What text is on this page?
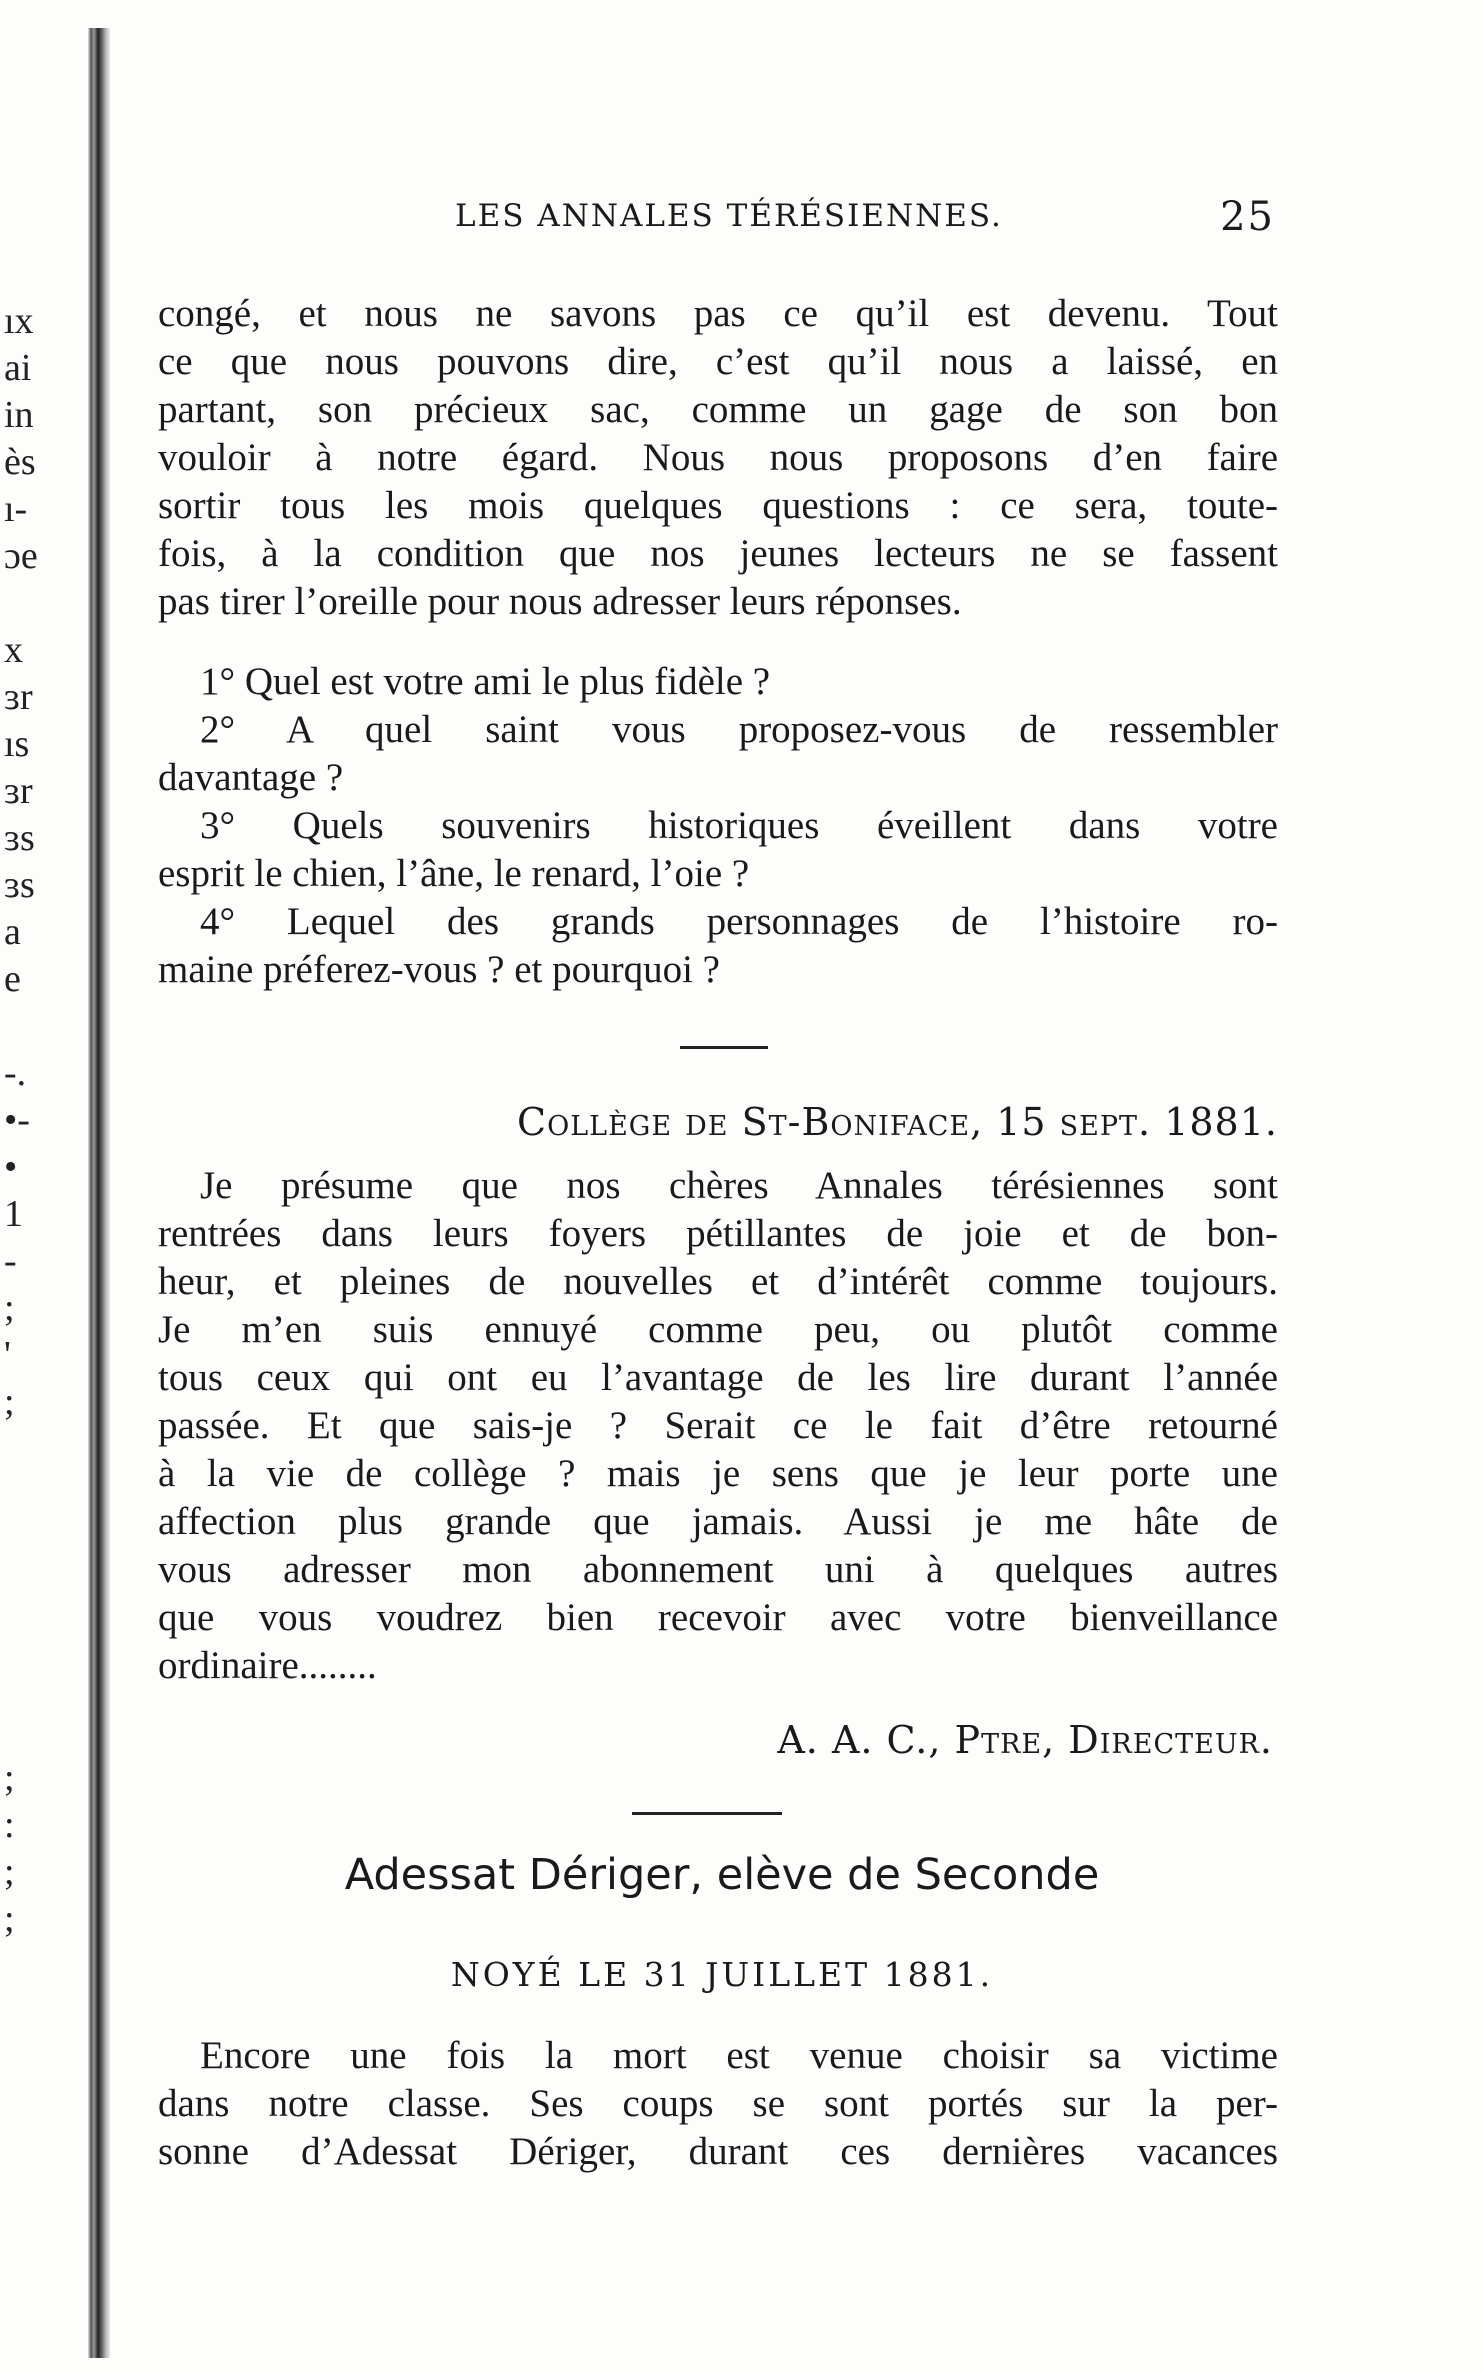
ıx
ai
in
ès
ı-
ɔe
x
ɜr
ıs
ɜr
ɜs
ɜs
a
e
-.
•-
•
1
-
;
'
;
;
:
;
;
LES ANNALES TÉRÉSIENNES.	25
congé, et nous ne savons pas ce qu’il est devenu. Tout
ce que nous pouvons dire, c’est qu’il nous a laissé, en
partant, son précieux sac, comme un gage de son bon
vouloir à notre égard. Nous nous proposons d’en faire
sortir tous les mois quelques questions : ce sera, toute-
fois, à la condition que nos jeunes lecteurs ne se fassent
pas tirer l’oreille pour nous adresser leurs réponses.
1° Quel est votre ami le plus fidèle ?
2° A quel saint vous proposez-vous de ressembler
davantage ?
3° Quels souvenirs historiques éveillent dans votre
esprit le chien, l’âne, le renard, l’oie ?
4° Lequel des grands personnages de l’histoire ro-
maine préferez-vous ? et pourquoi ?
Collège de St-Boniface, 15 sept. 1881.
Je présume que nos chères Annales térésiennes sont
rentrées dans leurs foyers pétillantes de joie et de bon-
heur, et pleines de nouvelles et d’intérêt comme toujours.
Je m’en suis ennuyé comme peu, ou plutôt comme
tous ceux qui ont eu l’avantage de les lire durant l’année
passée. Et que sais-je ? Serait ce le fait d’être retourné
à la vie de collège ? mais je sens que je leur porte une
affection plus grande que jamais. Aussi je me hâte de
vous adresser mon abonnement uni à quelques autres
que vous voudrez bien recevoir avec votre bienveillance
ordinaire........
A. A. C., Ptre, Directeur.
Adessat Dériger, elève de Seconde
NOYÉ LE 31 JUILLET 1881.
Encore une fois la mort est venue choisir sa victime
dans notre classe. Ses coups se sont portés sur la per-
sonne d’Adessat Dériger, durant ces dernières vacances
